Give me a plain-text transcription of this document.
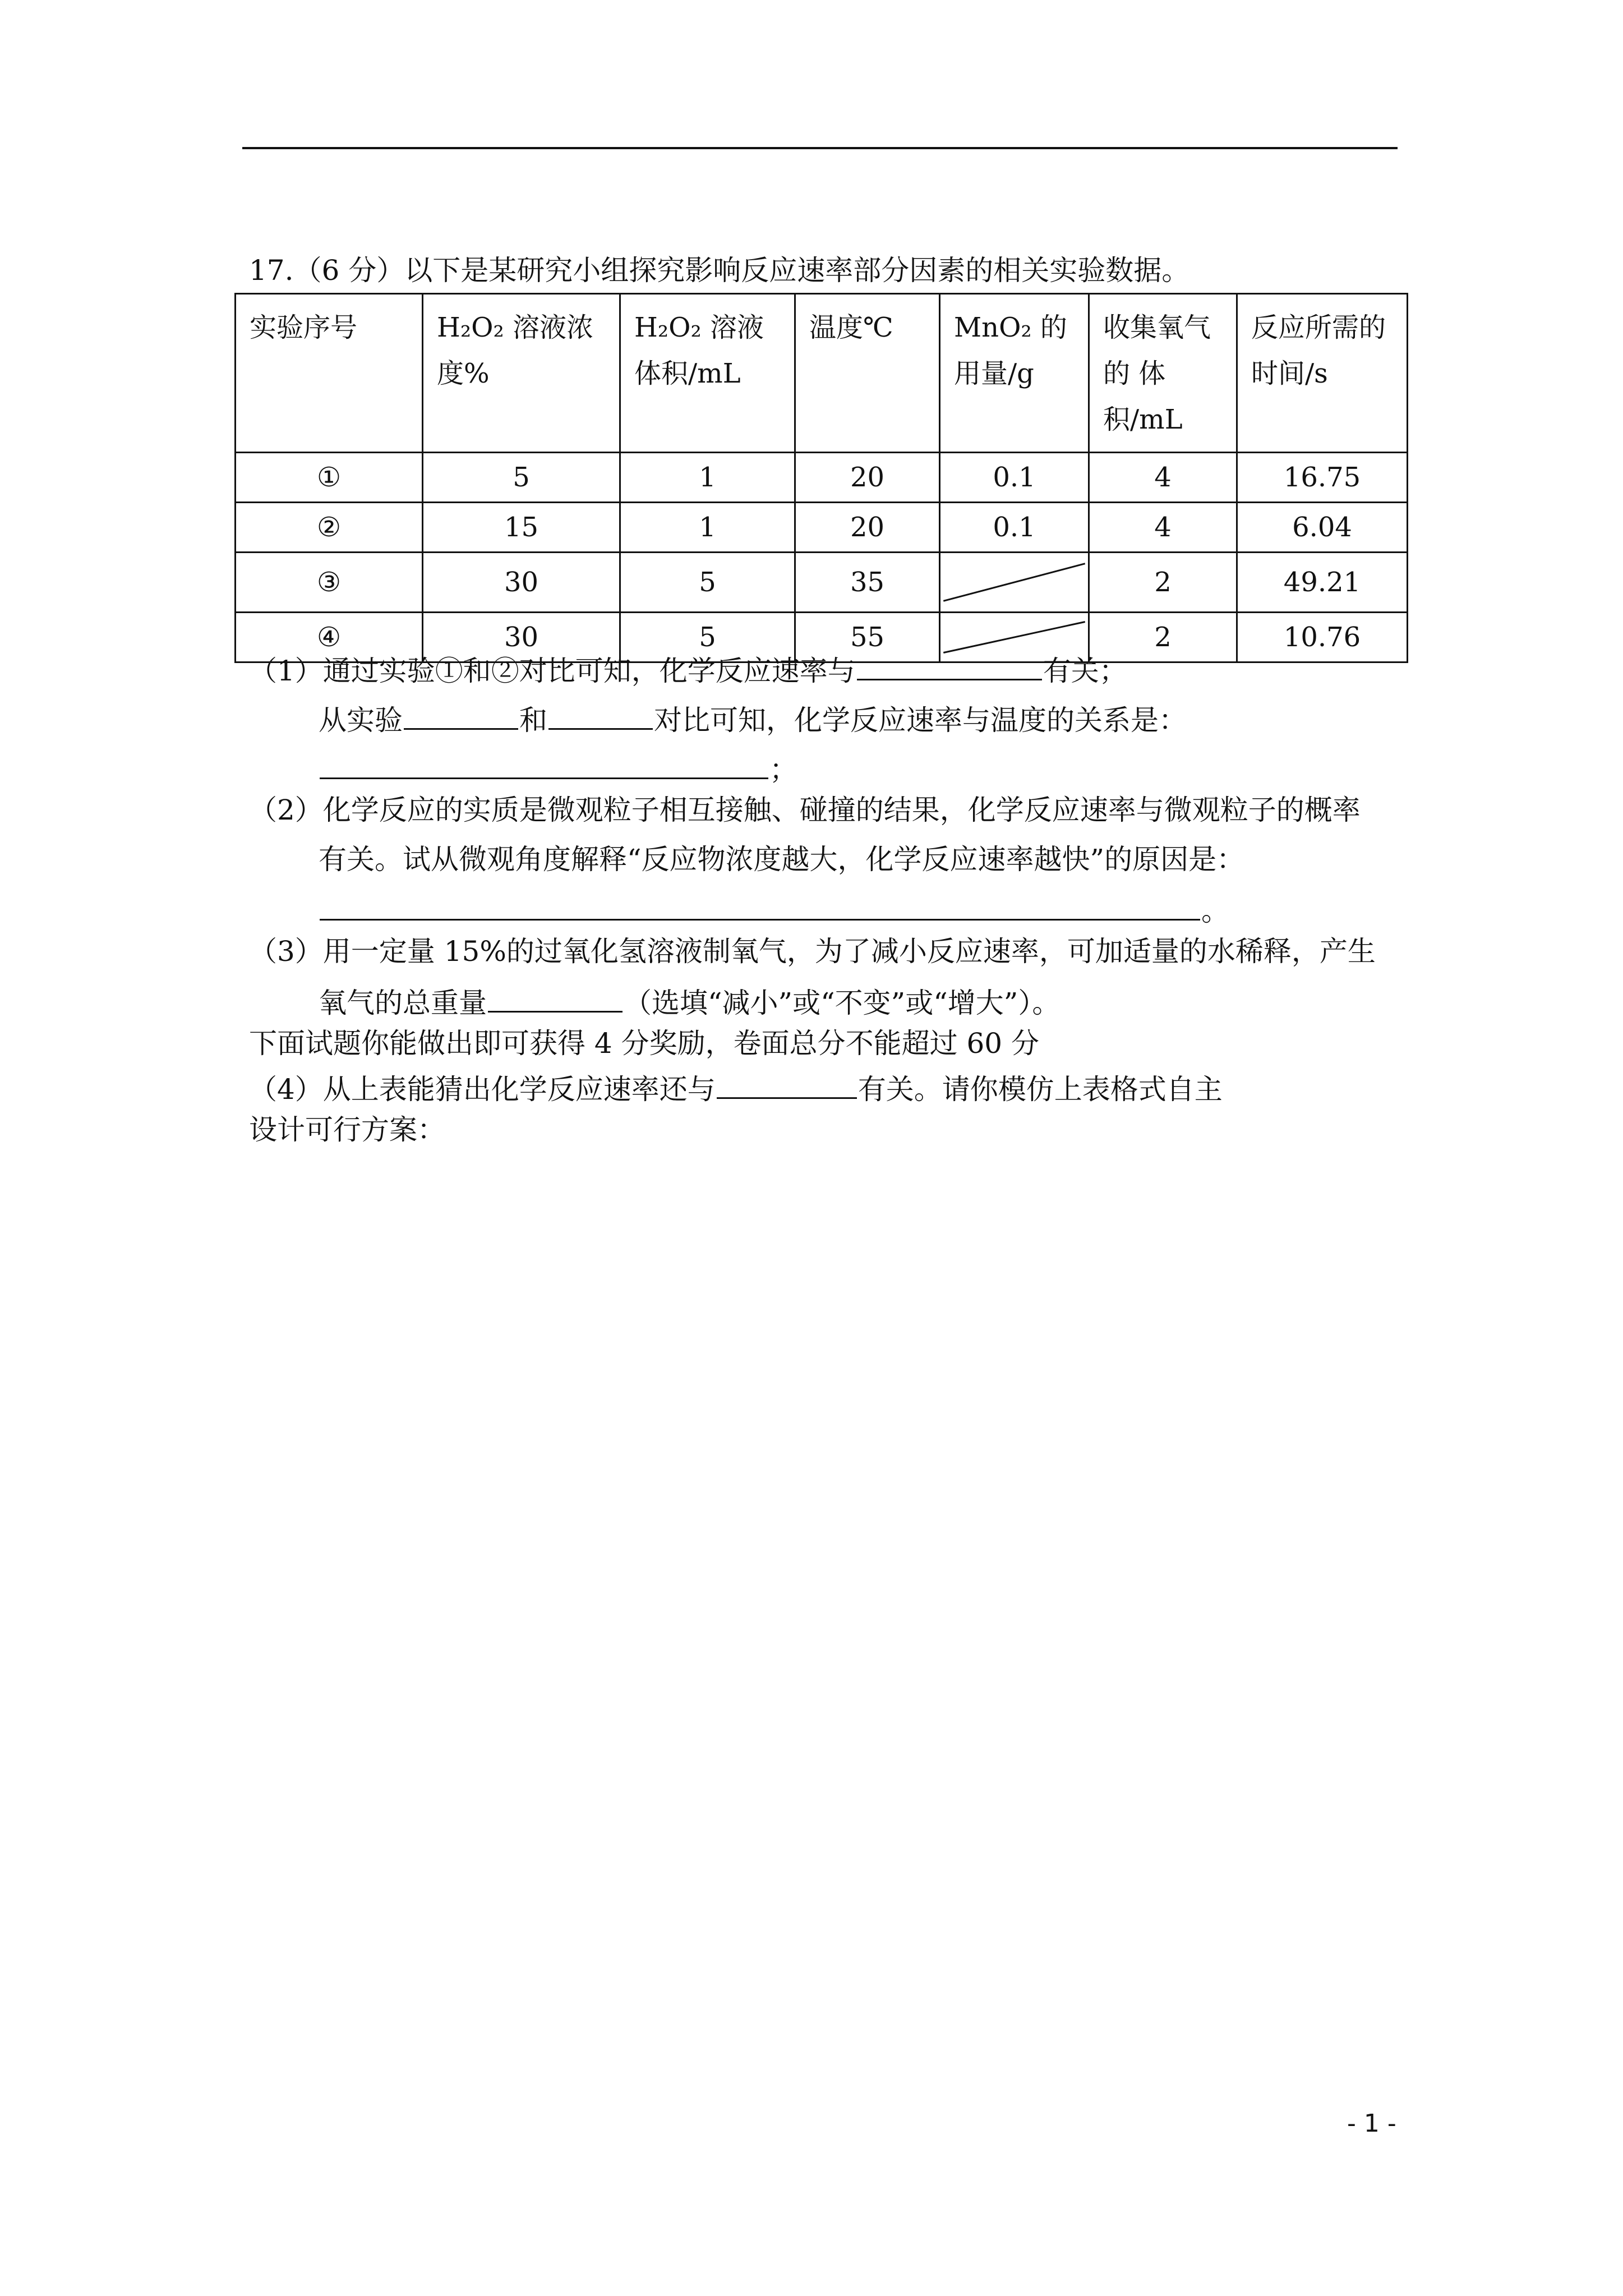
17.（6 分）以下是某研究小组探究影响反应速率部分因素的相关实验数据。
实验序号	H₂O₂ 溶液浓度%	H₂O₂ 溶液体积/mL	温度℃	MnO₂ 的用量/g	收集氧气的 体 积/mL	反应所需的时间/s
①	5	1	20	0.1	4	16.75
②	15	1	20	0.1	4	6.04
③	30	5	35		2	49.21
④	30	5	55		2	10.76
（1）通过实验①和②对比可知，化学反应速率与	有关；
从实验	和	对比可知，化学反应速率与温度的关系是：
；
（2）化学反应的实质是微观粒子相互接触、碰撞的结果，化学反应速率与微观粒子的概率
有关。试从微观角度解释“反应物浓度越大，化学反应速率越快”的原因是：
。
（3）用一定量 15%的过氧化氢溶液制氧气，为了减小反应速率，可加适量的水稀释，产生
氧气的总重量	（选填“减小”或“不变”或“增大”）。
下面试题你能做出即可获得 4 分奖励，卷面总分不能超过 60 分
（4）从上表能猜出化学反应速率还与	有关。请你模仿上表格式自主
设计可行方案：
- 1 -
